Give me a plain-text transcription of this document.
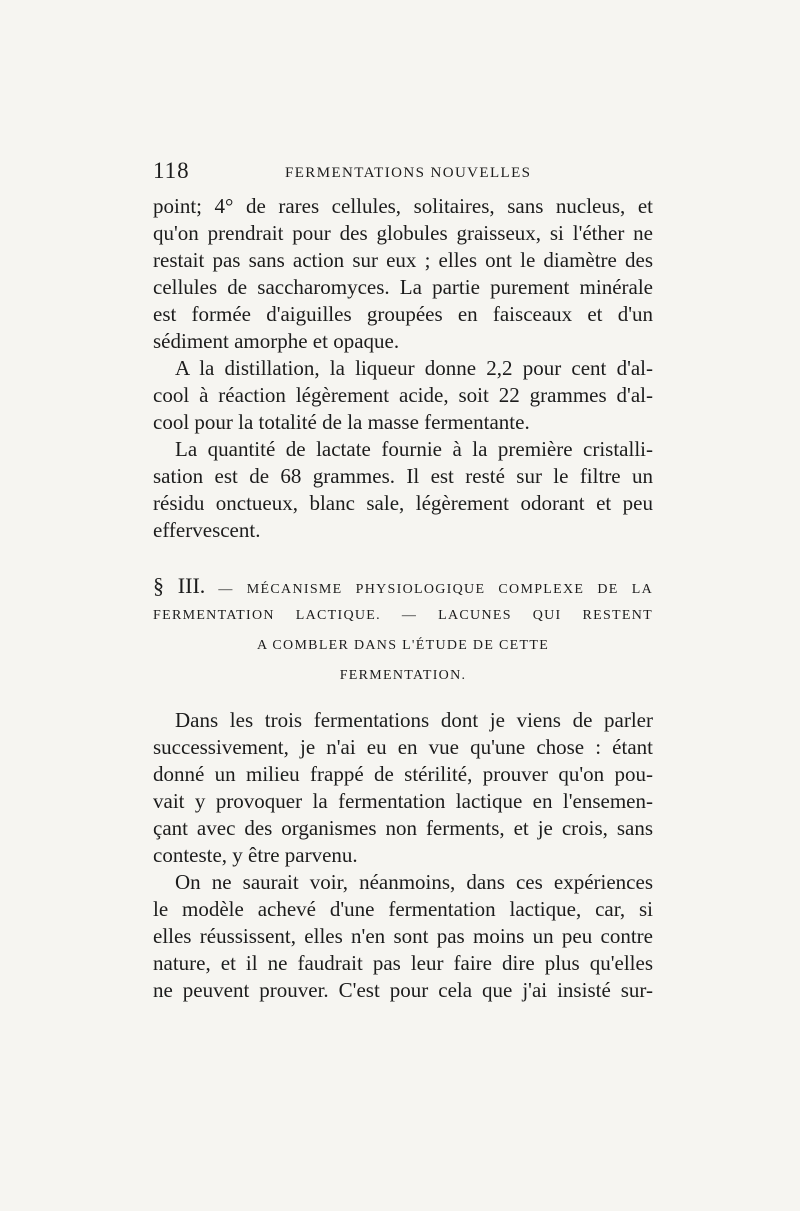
118	FERMENTATIONS NOUVELLES
point; 4° de rares cellules, solitaires, sans nucleus, et
qu'on prendrait pour des globules graisseux, si l'éther ne
restait pas sans action sur eux ; elles ont le diamètre des
cellules de saccharomyces. La partie purement minérale
est formée d'aiguilles groupées en faisceaux et d'un
sédiment amorphe et opaque.
A la distillation, la liqueur donne 2,2 pour cent d'al-
cool à réaction légèrement acide, soit 22 grammes d'al-
cool pour la totalité de la masse fermentante.
La quantité de lactate fournie à la première cristalli-
sation est de 68 grammes. Il est resté sur le filtre un
résidu onctueux, blanc sale, légèrement odorant et peu
effervescent.
§ III. — MÉCANISME PHYSIOLOGIQUE COMPLEXE DE LA
FERMENTATION LACTIQUE. — LACUNES QUI RESTENT
A COMBLER DANS L'ÉTUDE DE CETTE
FERMENTATION.
Dans les trois fermentations dont je viens de parler
successivement, je n'ai eu en vue qu'une chose : étant
donné un milieu frappé de stérilité, prouver qu'on pou-
vait y provoquer la fermentation lactique en l'ensemen-
çant avec des organismes non ferments, et je crois, sans
conteste, y être parvenu.
On ne saurait voir, néanmoins, dans ces expériences
le modèle achevé d'une fermentation lactique, car, si
elles réussissent, elles n'en sont pas moins un peu contre
nature, et il ne faudrait pas leur faire dire plus qu'elles
ne peuvent prouver. C'est pour cela que j'ai insisté sur-
